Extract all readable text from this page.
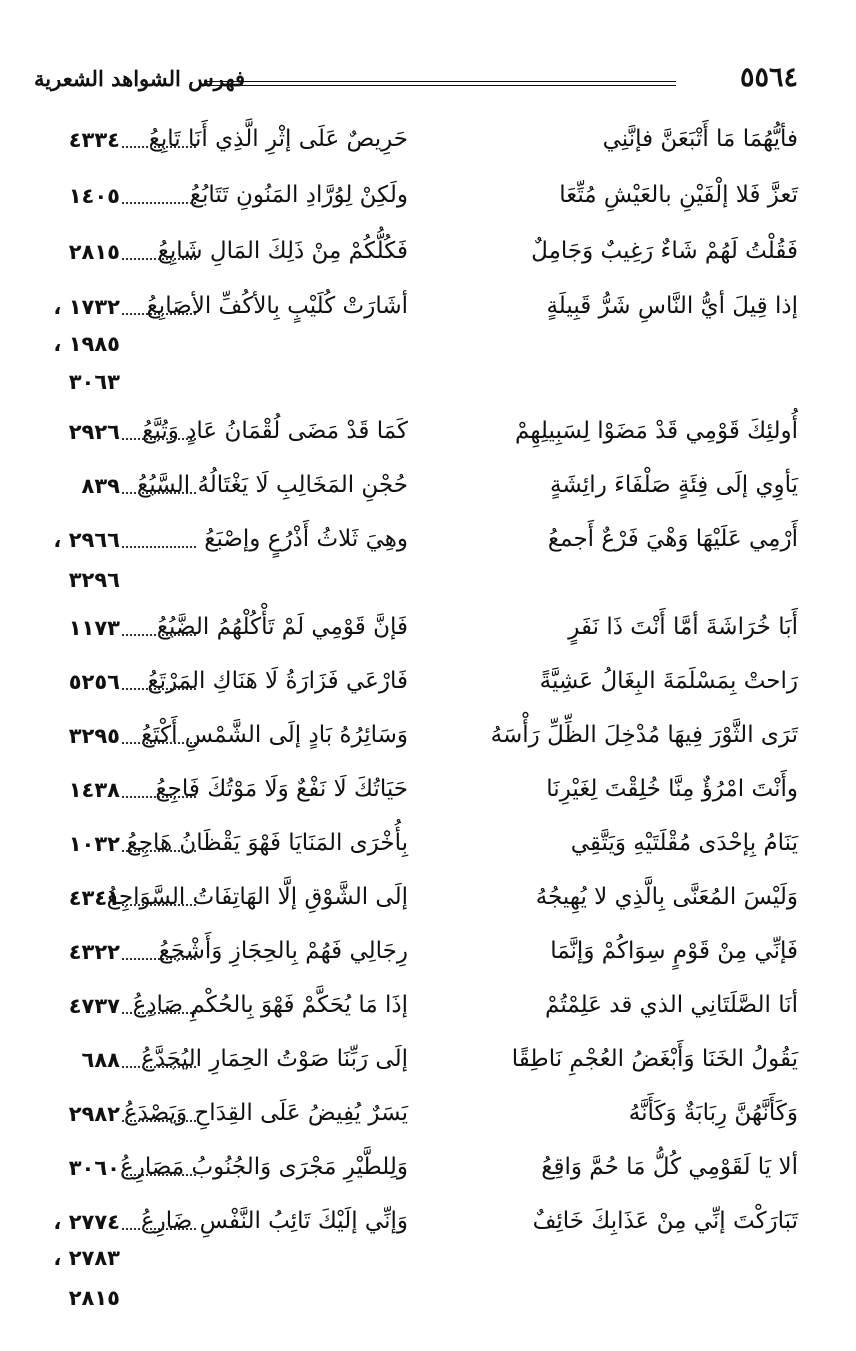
فهرس الشواهد الشعرية	٥٥٦٤
فأيُّهُمَا مَا أَتْبَعَنَّ فإنَّنِي
حَرِيصٌ عَلَى إثْرِ الَّذِي أَنَا تَابِعُ
٤٣٣٤
تَعزَّ فَلا إلْفَيْنِ بالعَيْشِ مُتِّعَا
ولَكِنْ لِوُرَّادِ المَنُونِ تَتَابُعُ
١٤٠٥
فَقُلْتُ لَهُمْ شَاءٌ رَغِيبٌ وَجَامِلٌ
فَكُلُّكُمْ مِنْ ذَلِكَ المَالِ شَابِعُ
٢٨١٥
إذا قِيلَ أيُّ النَّاسِ شَرُّ قَبِيلَةٍ
أشَارَتْ كُلَيْبٍ بِالأكُفِّ الأصَابِعُ
١٧٣٢ ،
١٩٨٥ ،
٣٠٦٣
أُولئِكَ قَوْمِي قَدْ مَضَوْا لِسَبِيلِهِمْ
كَمَا قَدْ مَضَى لُقْمَانُ عَادٍ وَتُبَّعُ
٢٩٢٦
يَأوِي إلَى فِئَةٍ صَلْفَاءَ رائِشَةٍ
حُجْنِ المَخَالِبِ لَا يَغْتَالُهُ السَّبُعُ
٨٣٩
أَرْمِي عَلَيْهَا وَهْيَ فَرْعٌ أَجمعُ
وهِيَ ثَلاثُ أَذْرُعٍ وإصْبَعُ
٢٩٦٦ ،
٣٢٩٦
أَبَا خُرَاشَةَ أمَّا أَنْتَ ذَا نَفَرٍ
فَإنَّ قَوْمِي لَمْ تَأْكُلْهُمُ الضَّبُعُ
١١٧٣
رَاحتْ بِمَسْلَمَةَ البِغَالُ عَشِيَّةً
فَارْعَي فَزَارَةُ لَا هَنَاكِ المَرْتَعُ
٥٢٥٦
تَرَى الثَّوْرَ فِيهَا مُدْخِلَ الظِّلِّ رَأْسَهُ
وَسَائِرُهُ بَادٍ إلَى الشَّمْسِ أَكْتَعُ
٣٢٩٥
وأَنْتَ امْرُؤٌ مِنَّا خُلِقْتَ لِغَيْرِنَا
حَيَاتُكَ لَا نَفْعٌ وَلَا مَوْتُكَ فَاجِعُ
١٤٣٨
يَنَامُ بِإحْدَى مُقْلَتَيْهِ وَيَتَّقِي
بِأُخْرَى المَنَايَا فَهْوَ يَقْظَانُ هَاجِعُ
١٠٣٢
وَلَيْسَ المُعَنَّى بِالَّذِي لا يُهِيجُهُ
إلَى الشَّوْقِ إلَّا الهَاتِفَاتُ السَّوَاجِعُ
٤٣٤١
فَإنِّي مِنْ قَوْمٍ سِوَاكُمْ وَإنَّمَا
رِجَالِي فَهُمْ بِالحِجَازِ وَأَشْجَعُ
٤٣٢٢
أنَا الصَّلَتَانِي الذي قد عَلِمْتُمْ
إذَا مَا يُحَكَّمْ فَهْوَ بِالحُكْمِ صَادِعُ
٤٧٣٧
يَقُولُ الخَنَا وَأَبْغَضُ العُجْمِ نَاطِقًا
إلَى رَبِّنَا صَوْتُ الحِمَارِ اليُجَدَّعُ
٦٨٨
وَكَأَنَّهُنَّ رِبَابَةٌ وَكَأَنَّهُ
يَسَرٌ يُفِيضُ عَلَى القِدَاحِ وَيَصْدَعُ
٢٩٨٢
ألا يَا لَقَوْمِي كُلُّ مَا حُمَّ وَاقِعُ
وَلِلطَّيْرِ مَجْرَى وَالجُنُوبُ مَصَارِعُ
٣٠٦٠
تَبَارَكْتَ إنِّي مِنْ عَذَابِكَ خَائِفٌ
وَإنِّي إلَيْكَ تَائِبُ النَّفْسِ ضَارِعُ
٢٧٧٤ ،
٢٧٨٣ ،
٢٨١٥
